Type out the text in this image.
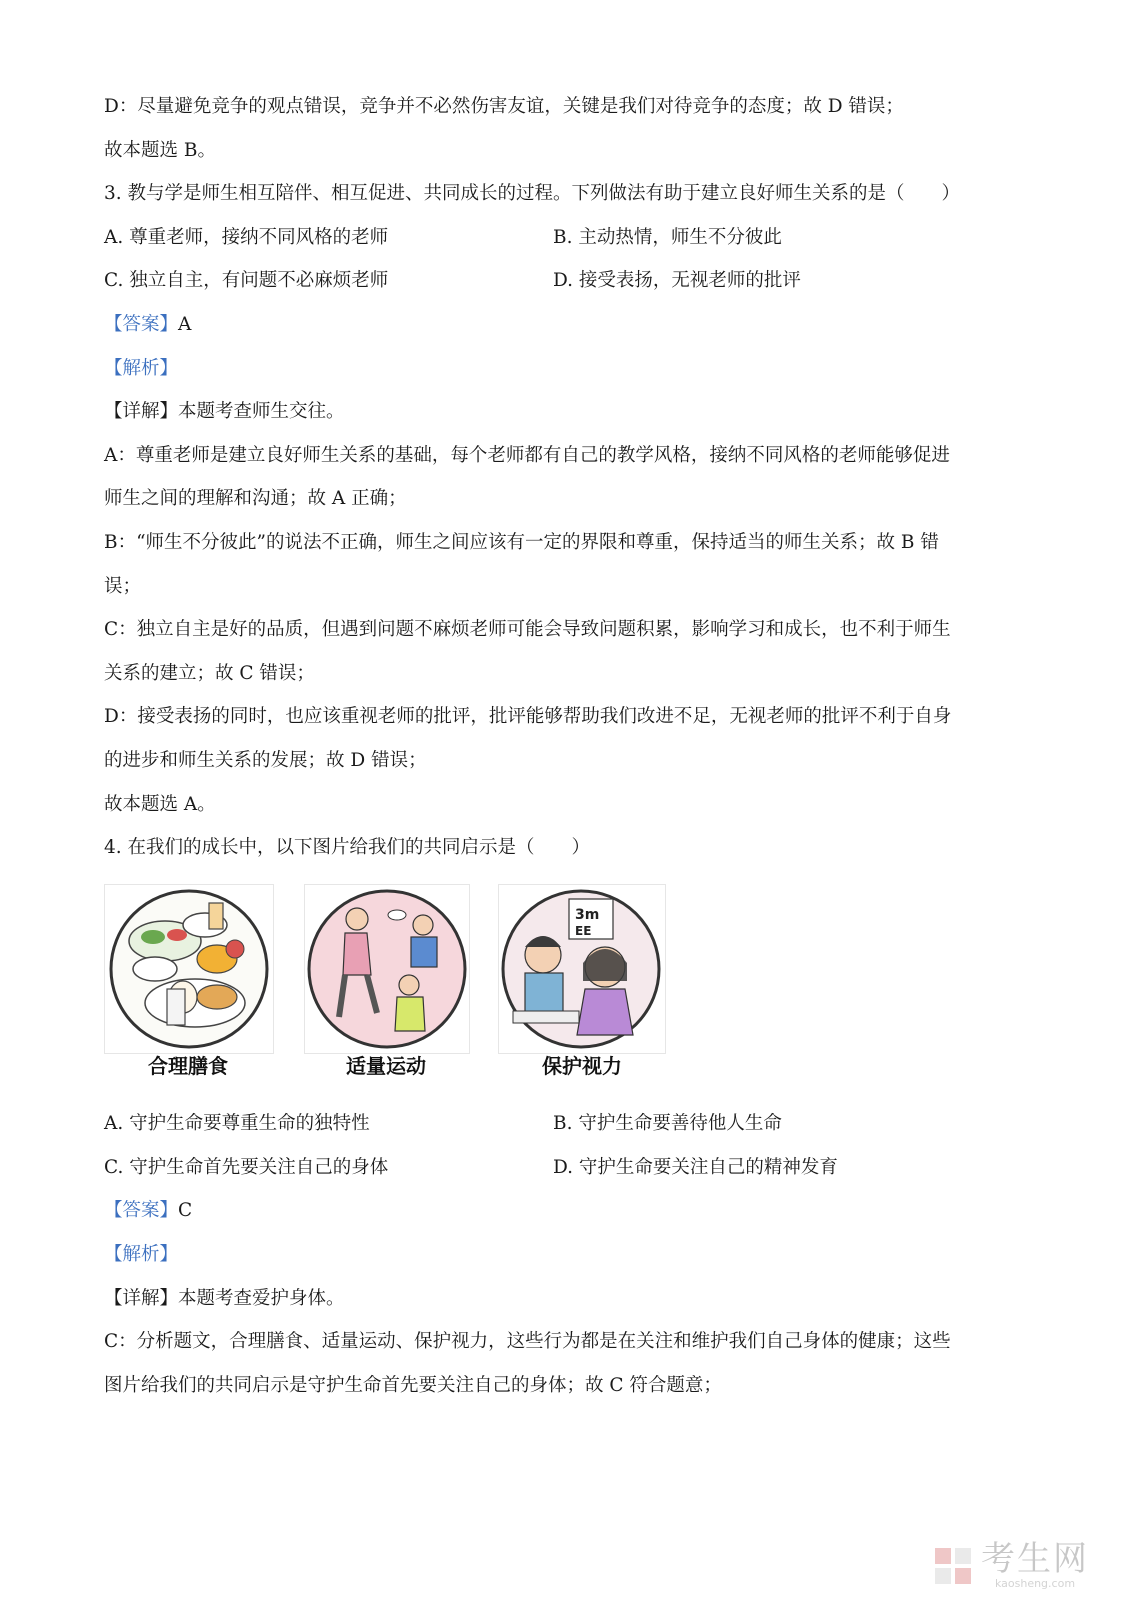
D：尽量避免竞争的观点错误，竞争并不必然伤害友谊，关键是我们对待竞争的态度；故 D 错误；
故本题选 B。
3. 教与学是师生相互陪伴、相互促进、共同成长的过程。下列做法有助于建立良好师生关系的是（　　）
A. 尊重老师，接纳不同风格的老师	B. 主动热情，师生不分彼此
C. 独立自主，有问题不必麻烦老师	D. 接受表扬，无视老师的批评
【答案】A
【解析】
【详解】本题考查师生交往。
A：尊重老师是建立良好师生关系的基础，每个老师都有自己的教学风格，接纳不同风格的老师能够促进
师生之间的理解和沟通；故 A 正确；
B：“师生不分彼此”的说法不正确，师生之间应该有一定的界限和尊重，保持适当的师生关系；故 B 错
误；
C：独立自主是好的品质，但遇到问题不麻烦老师可能会导致问题积累，影响学习和成长，也不利于师生
关系的建立；故 C 错误；
D：接受表扬的同时，也应该重视老师的批评，批评能够帮助我们改进不足，无视老师的批评不利于自身
的进步和师生关系的发展；故 D 错误；
故本题选 A。
4. 在我们的成长中，以下图片给我们的共同启示是（　　）
合理膳食	适量运动
3m
EE
保护视力
A. 守护生命要尊重生命的独特性	B. 守护生命要善待他人生命
C. 守护生命首先要关注自己的身体	D. 守护生命要关注自己的精神发育
【答案】C
【解析】
【详解】本题考查爱护身体。
C：分析题文，合理膳食、适量运动、保护视力，这些行为都是在关注和维护我们自己身体的健康；这些
图片给我们的共同启示是守护生命首先要关注自己的身体；故 C 符合题意；
考生网
kaosheng.com
